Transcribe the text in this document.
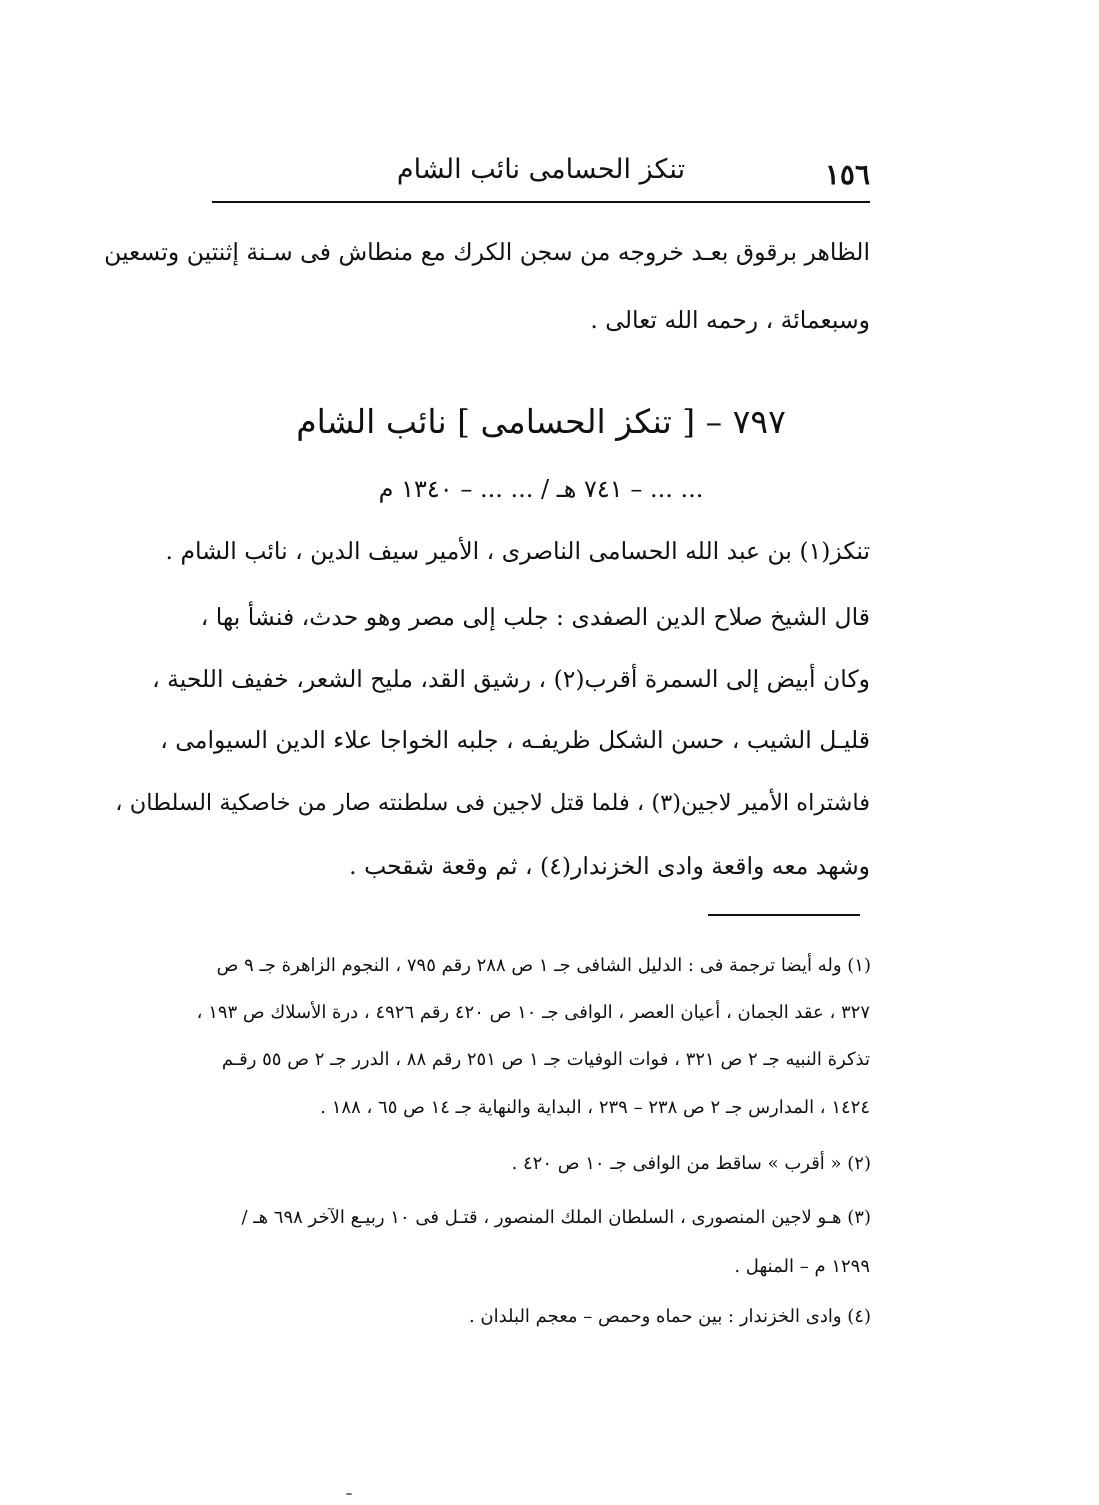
١٥٦
تنكز الحسامى نائب الشام
الظاهر برقوق بعـد خروجه من سجن الكرك مع منطاش فى سـنة إثنتين وتسعين
وسبعمائة ، رحمه الله تعالى .
٧٩٧ – [ تنكز الحسامى ] نائب الشام
... ... – ٧٤١ هـ / ... ... – ١٣٤٠ م
تنكز(١) بن عبد الله الحسامى الناصرى ، الأمير سيف الدين ، نائب الشام .
قال الشيخ صلاح الدين الصفدى : جلب إلى مصر وهو حدث، فنشأ بها ،
وكان أبيض إلى السمرة أقرب(٢) ، رشيق القد، مليح الشعر، خفيف اللحية ،
قليـل الشيب ، حسن الشكل ظريفـه ، جلبه الخواجا علاء الدين السيوامى ،
فاشتراه الأمير لاجين(٣) ، فلما قتل لاجين فى سلطنته صار من خاصكية السلطان ،
وشهد معه واقعة وادى الخزندار(٤) ، ثم وقعة شقحب .
(١) وله أيضا ترجمة فى : الدليل الشافى جـ ١ ص ٢٨٨ رقم ٧٩٥ ، النجوم الزاهرة جـ ٩ ص
٣٢٧ ، عقد الجمان ، أعيان العصر ، الوافى جـ ١٠ ص ٤٢٠ رقم ٤٩٢٦ ، درة الأسلاك ص ١٩٣ ،
تذكرة النبيه جـ ٢ ص ٣٢١ ، فوات الوفيات جـ ١ ص ٢٥١ رقم ٨٨ ، الدرر جـ ٢ ص ٥٥ رقـم
١٤٢٤ ، المدارس جـ ٢ ص ٢٣٨ – ٢٣٩ ، البداية والنهاية جـ ١٤ ص ٦٥ ، ١٨٨ .
(٢) « أقرب » ساقط من الوافى جـ ١٠ ص ٤٢٠ .
(٣) هـو لاجين المنصورى ، السلطان الملك المنصور ، قتـل فى ١٠ ربيـع الآخر ٦٩٨ هـ /
١٢٩٩ م – المنهل .
(٤) وادى الخزندار : بين حماه وحمص – معجم البلدان .
